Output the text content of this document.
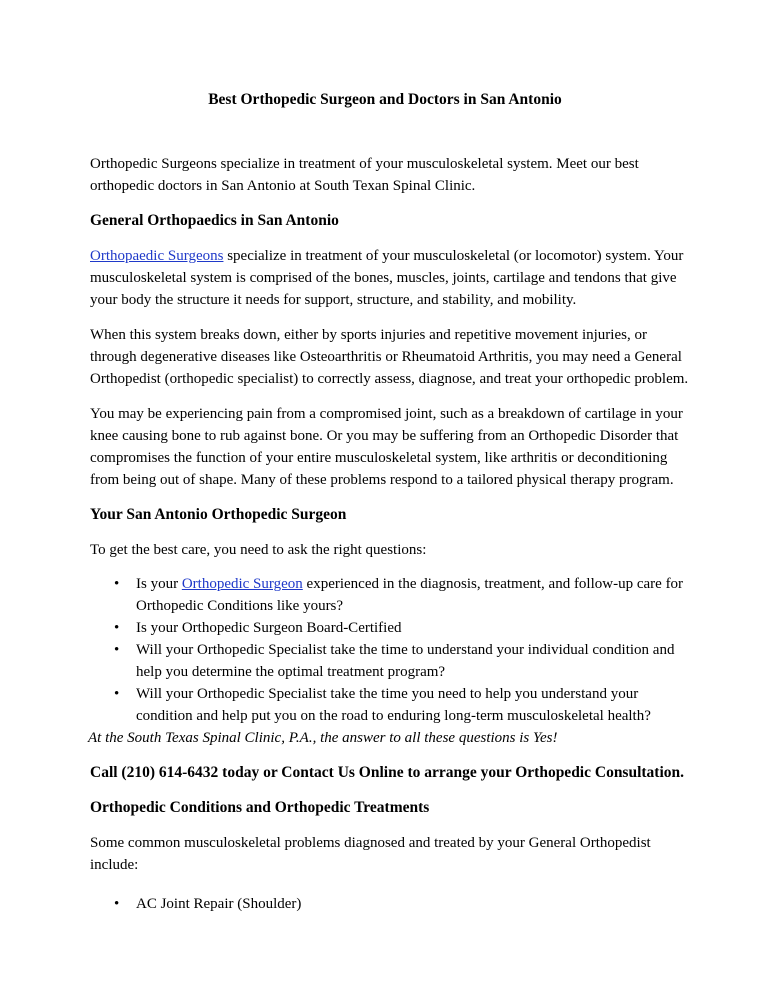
Best Orthopedic Surgeon and Doctors in San Antonio

Orthopedic Surgeons specialize in treatment of your musculoskeletal system. Meet our best orthopedic doctors in San Antonio at South Texan Spinal Clinic.

General Orthopaedics in San Antonio

Orthopaedic Surgeons specialize in treatment of your musculoskeletal (or locomotor) system. Your musculoskeletal system is comprised of the bones, muscles, joints, cartilage and tendons that give your body the structure it needs for support, structure, and stability, and mobility.

When this system breaks down, either by sports injuries and repetitive movement injuries, or through degenerative diseases like Osteoarthritis or Rheumatoid Arthritis, you may need a General Orthopedist (orthopedic specialist) to correctly assess, diagnose, and treat your orthopedic problem.

You may be experiencing pain from a compromised joint, such as a breakdown of cartilage in your knee causing bone to rub against bone. Or you may be suffering from an Orthopedic Disorder that compromises the function of your entire musculoskeletal system, like arthritis or deconditioning from being out of shape. Many of these problems respond to a tailored physical therapy program.

Your San Antonio Orthopedic Surgeon

To get the best care, you need to ask the right questions:

• Is your Orthopedic Surgeon experienced in the diagnosis, treatment, and follow-up care for Orthopedic Conditions like yours?
• Is your Orthopedic Surgeon Board-Certified
• Will your Orthopedic Specialist take the time to understand your individual condition and help you determine the optimal treatment program?
• Will your Orthopedic Specialist take the time you need to help you understand your condition and help put you on the road to enduring long-term musculoskeletal health?

At the South Texas Spinal Clinic, P.A., the answer to all these questions is Yes!

Call (210) 614-6432 today or Contact Us Online to arrange your Orthopedic Consultation.

Orthopedic Conditions and Orthopedic Treatments

Some common musculoskeletal problems diagnosed and treated by your General Orthopedist include:

• AC Joint Repair (Shoulder)
